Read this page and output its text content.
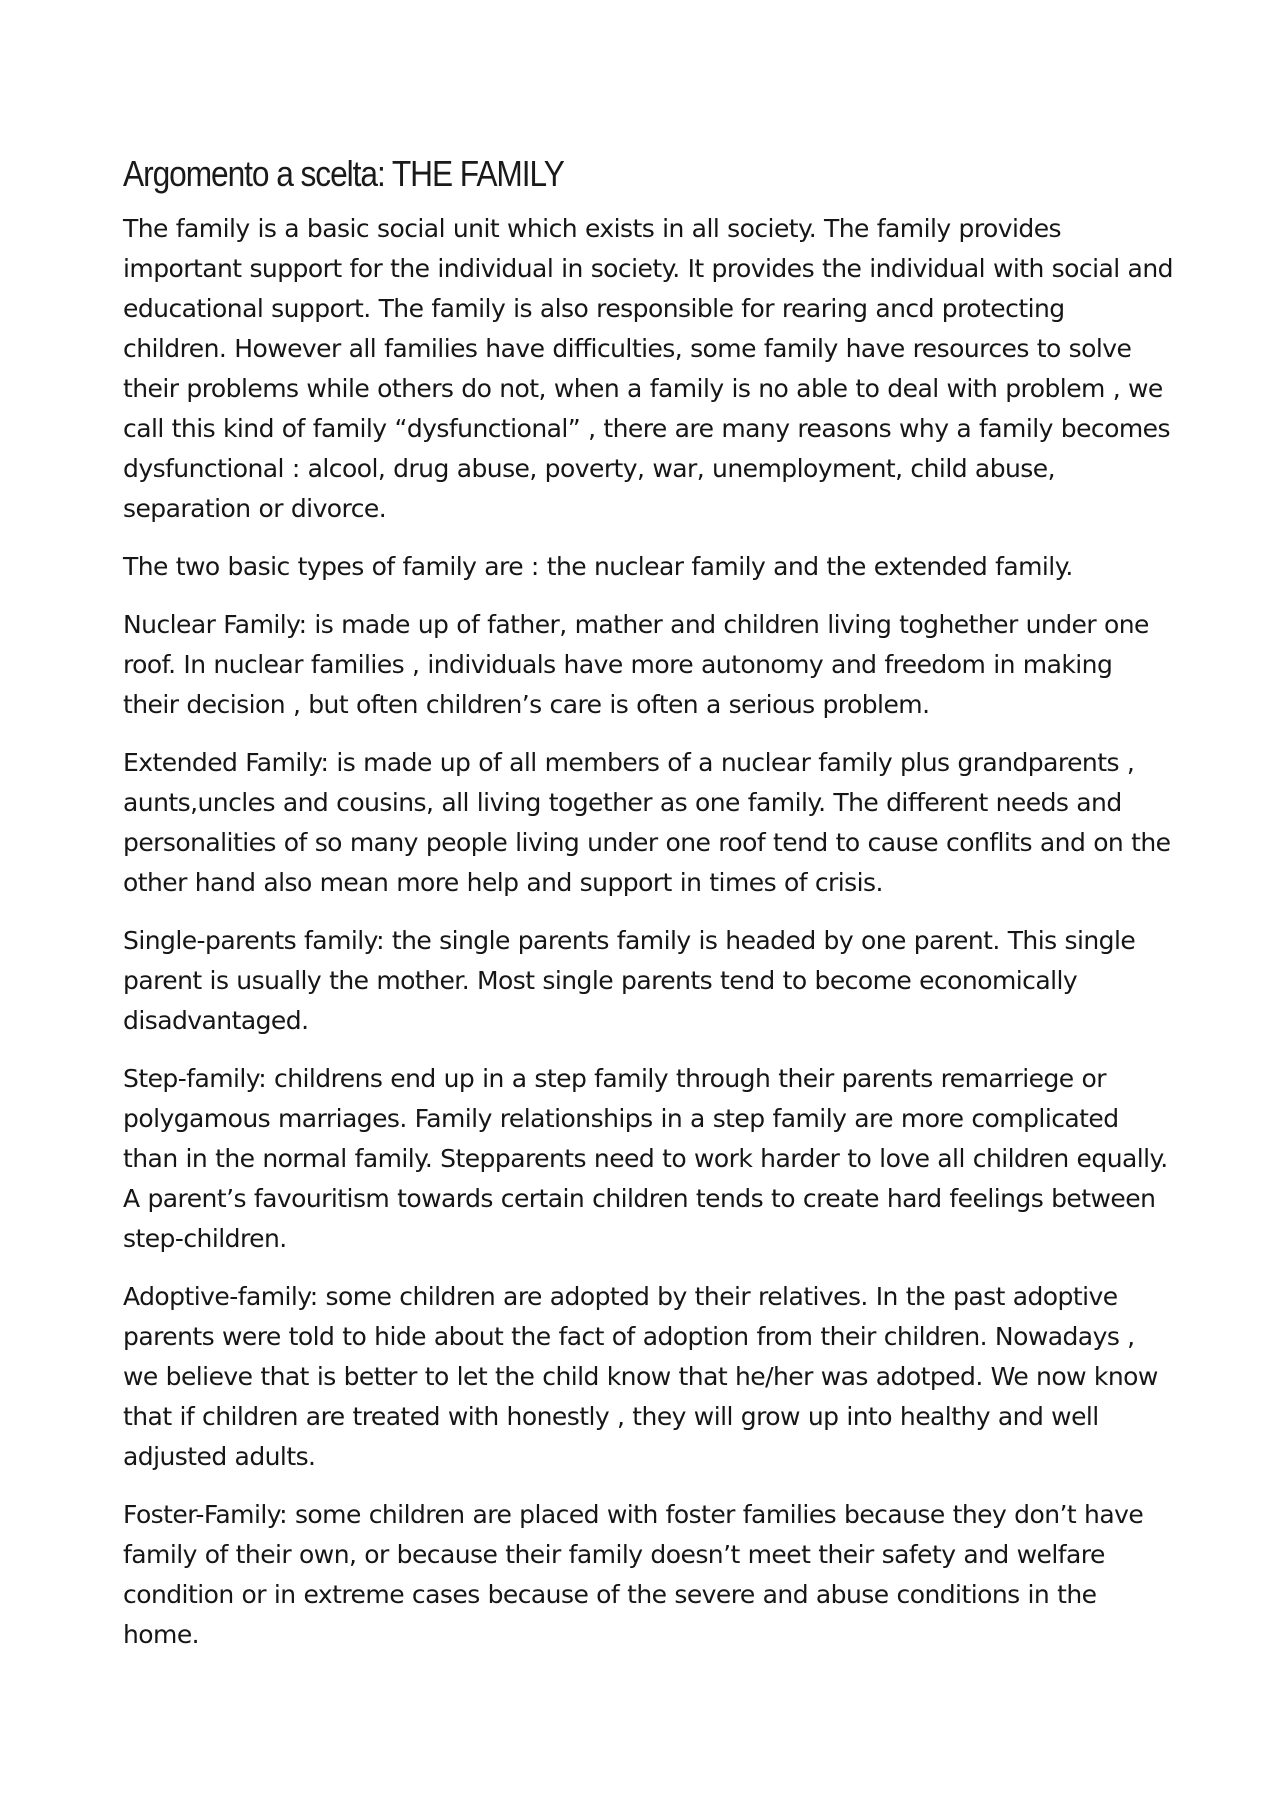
Argomento a scelta: THE FAMILY

The family is a basic social unit which exists in all society. The family provides important support for the individual in society. It provides the individual with social and educational support. The family is also responsible for rearing ancd protecting children. However all families have difficulties, some family have resources to solve their problems while others do not, when a family is no able to deal with problem , we call this kind of family “dysfunctional” , there are many reasons why a family becomes dysfunctional : alcool, drug abuse, poverty, war, unemployment, child abuse, separation or divorce.

The two basic types of family are : the nuclear family and the extended family.

Nuclear Family: is made up of father, mather and children living toghether under one roof. In nuclear families , individuals have more autonomy and freedom in making their decision , but often children’s care is often a serious problem.

Extended Family: is made up of all members of a nuclear family plus grandparents , aunts,uncles and cousins, all living together as one family. The different needs and personalities of so many people living under one roof tend to cause conflits and on the other hand also mean more help and support in times of crisis.

Single-parents family: the single parents family is headed by one parent. This single parent is usually the mother. Most single parents tend to become economically disadvantaged.

Step-family: childrens end up in a step family through their parents remarriege or polygamous marriages. Family relationships in a step family are more complicated than in the normal family. Stepparents need to work harder to love all children equally. A parent’s favouritism towards certain children tends to create hard feelings between step-children.

Adoptive-family: some children are adopted by their relatives. In the past adoptive parents were told to hide about the fact of adoption from their children. Nowadays , we believe that is better to let the child know that he/her was adotped. We now know that if children are treated with honestly , they will grow up into healthy and well adjusted adults.

Foster-Family: some children are placed with foster families because they don’t have family of their own, or because their family doesn’t meet their safety and welfare condition or in extreme cases because of the severe and abuse conditions in the home.
